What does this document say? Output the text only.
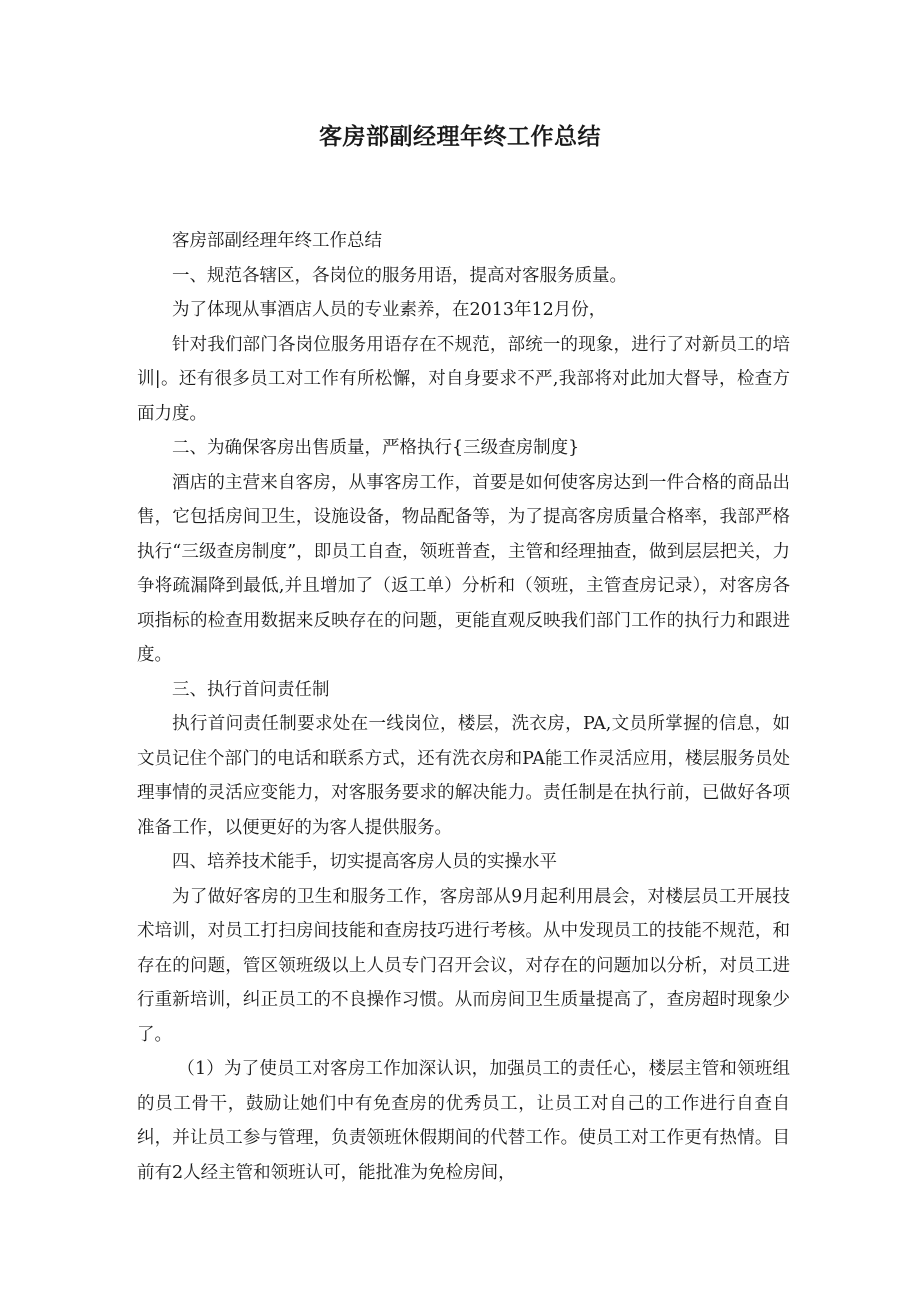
客房部副经理年终工作总结

客房部副经理年终工作总结

一、规范各辖区，各岗位的服务用语，提高对客服务质量。

为了体现从事酒店人员的专业素养，在2013年12月份，

针对我们部门各岗位服务用语存在不规范，部统一的现象，进行了对新员工的培训|。还有很多员工对工作有所松懈，对自身要求不严,我部将对此加大督导，检查方面力度。

二、为确保客房出售质量，严格执行{三级查房制度}

酒店的主营来自客房，从事客房工作，首要是如何使客房达到一件合格的商品出售，它包括房间卫生，设施设备，物品配备等，为了提高客房质量合格率，我部严格执行“三级查房制度”，即员工自查，领班普查，主管和经理抽查，做到层层把关，力争将疏漏降到最低,并且增加了（返工单）分析和（领班，主管查房记录），对客房各项指标的检查用数据来反映存在的问题，更能直观反映我们部门工作的执行力和跟进度。

三、执行首问责任制

执行首问责任制要求处在一线岗位，楼层，洗衣房，PA,文员所掌握的信息，如文员记住个部门的电话和联系方式，还有洗衣房和PA能工作灵活应用，楼层服务员处理事情的灵活应变能力，对客服务要求的解决能力。责任制是在执行前，已做好各项准备工作，以便更好的为客人提供服务。

四、培养技术能手，切实提高客房人员的实操水平

为了做好客房的卫生和服务工作，客房部从9月起利用晨会，对楼层员工开展技术培训，对员工打扫房间技能和查房技巧进行考核。从中发现员工的技能不规范，和存在的问题，管区领班级以上人员专门召开会议，对存在的问题加以分析，对员工进行重新培训，纠正员工的不良操作习惯。从而房间卫生质量提高了，查房超时现象少了。

（1）为了使员工对客房工作加深认识，加强员工的责任心，楼层主管和领班组的员工骨干，鼓励让她们中有免查房的优秀员工，让员工对自己的工作进行自查自纠，并让员工参与管理，负责领班休假期间的代替工作。使员工对工作更有热情。目前有2人经主管和领班认可，能批准为免检房间，
